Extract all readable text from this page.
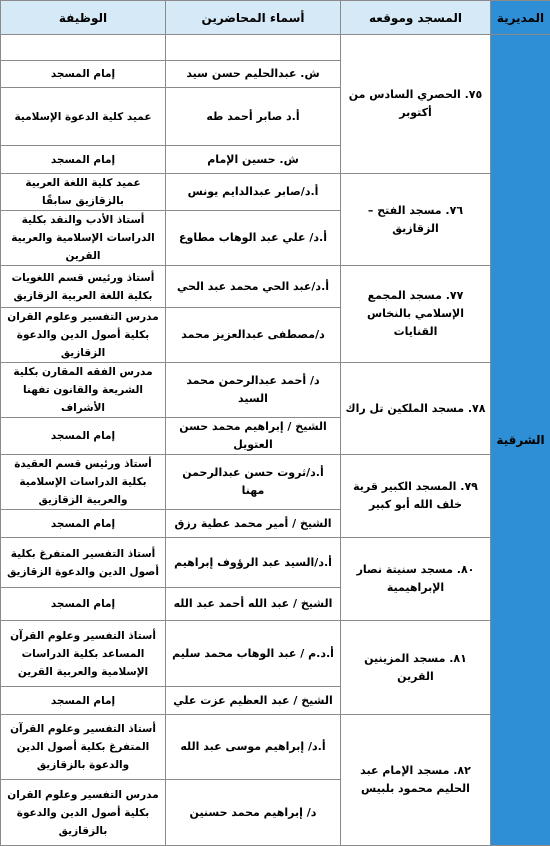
المديرية	المسجد وموقعه	أسماء المحاضرين	الوظيفة
الشرقية	٧٥. الحصري السادس من أكتوبر		
		ش. عبدالحليم حسن سيد	إمام المسجد
		أ.د صابر أحمد طه	عميد كلية الدعوة الإسلامية
		ش. حسين الإمام	إمام المسجد
	٧٦. مسجد الفتح –الزقازيق	أ.د/صابر عبدالدايم يونس	عميد كلية اللغة العربية بالزقازيق سابقًا
		أ.د/ علي عبد الوهاب مطاوع	أستاذ الأدب والنقد بكلية الدراسات الإسلامية والعربية القرين
	٧٧. مسجد المجمع الإسلامي بالنخاس القنايات	أ.د/عبد الحي محمد عبد الحي	أستاذ ورئيس قسم اللغويات بكلية اللغة العربية الزقازيق
		د/مصطفى عبدالعزيز محمد	مدرس التفسير وعلوم القران بكلية أصول الدين والدعوة الزقازيق
	٧٨. مسجد الملكين تل راك	د/ أحمد عبدالرحمن محمد السيد	مدرس الفقه المقارن بكلية الشريعة والقانون تفهنا الأشراف
		الشيخ / إبراهيم محمد حسن العتويل	إمام المسجد
	٧٩. المسجد الكبير قرية خلف الله أبو كبير	أ.د/ثروت حسن عبدالرحمن مهنا	أستاذ ورئيس قسم العقيدة بكلية الدراسات الإسلامية والعربية الزقازيق
		الشيخ / أمير محمد عطية رزق	إمام المسجد
	٨٠. مسجد سنيتة نصار الإبراهيمية	أ.د/السيد عبد الرؤوف إبراهيم	أستاذ التفسير المتفرغ بكلية أصول الدين والدعوة الزقازيق
		الشيخ / عبد الله أحمد عبد الله	إمام المسجد
	٨١. مسجد المزينين القرين	أ.د.م / عبد الوهاب محمد سليم	أستاذ التفسير وعلوم القرآن المساعد بكلية الدراسات الإسلامية والعربية القرين
		الشيخ / عبد العظيم عزت علي	إمام المسجد
	٨٢. مسجد الإمام عبد الحليم محمود بلبيس	أ.د/ إبراهيم موسى عبد الله	أستاذ التفسير وعلوم القرآن المتفرغ بكلية أصول الدين والدعوة بالزقازيق
		د/ إبراهيم محمد حسنين	مدرس التفسير وعلوم القران بكلية أصول الدين والدعوة بالزقازيق
